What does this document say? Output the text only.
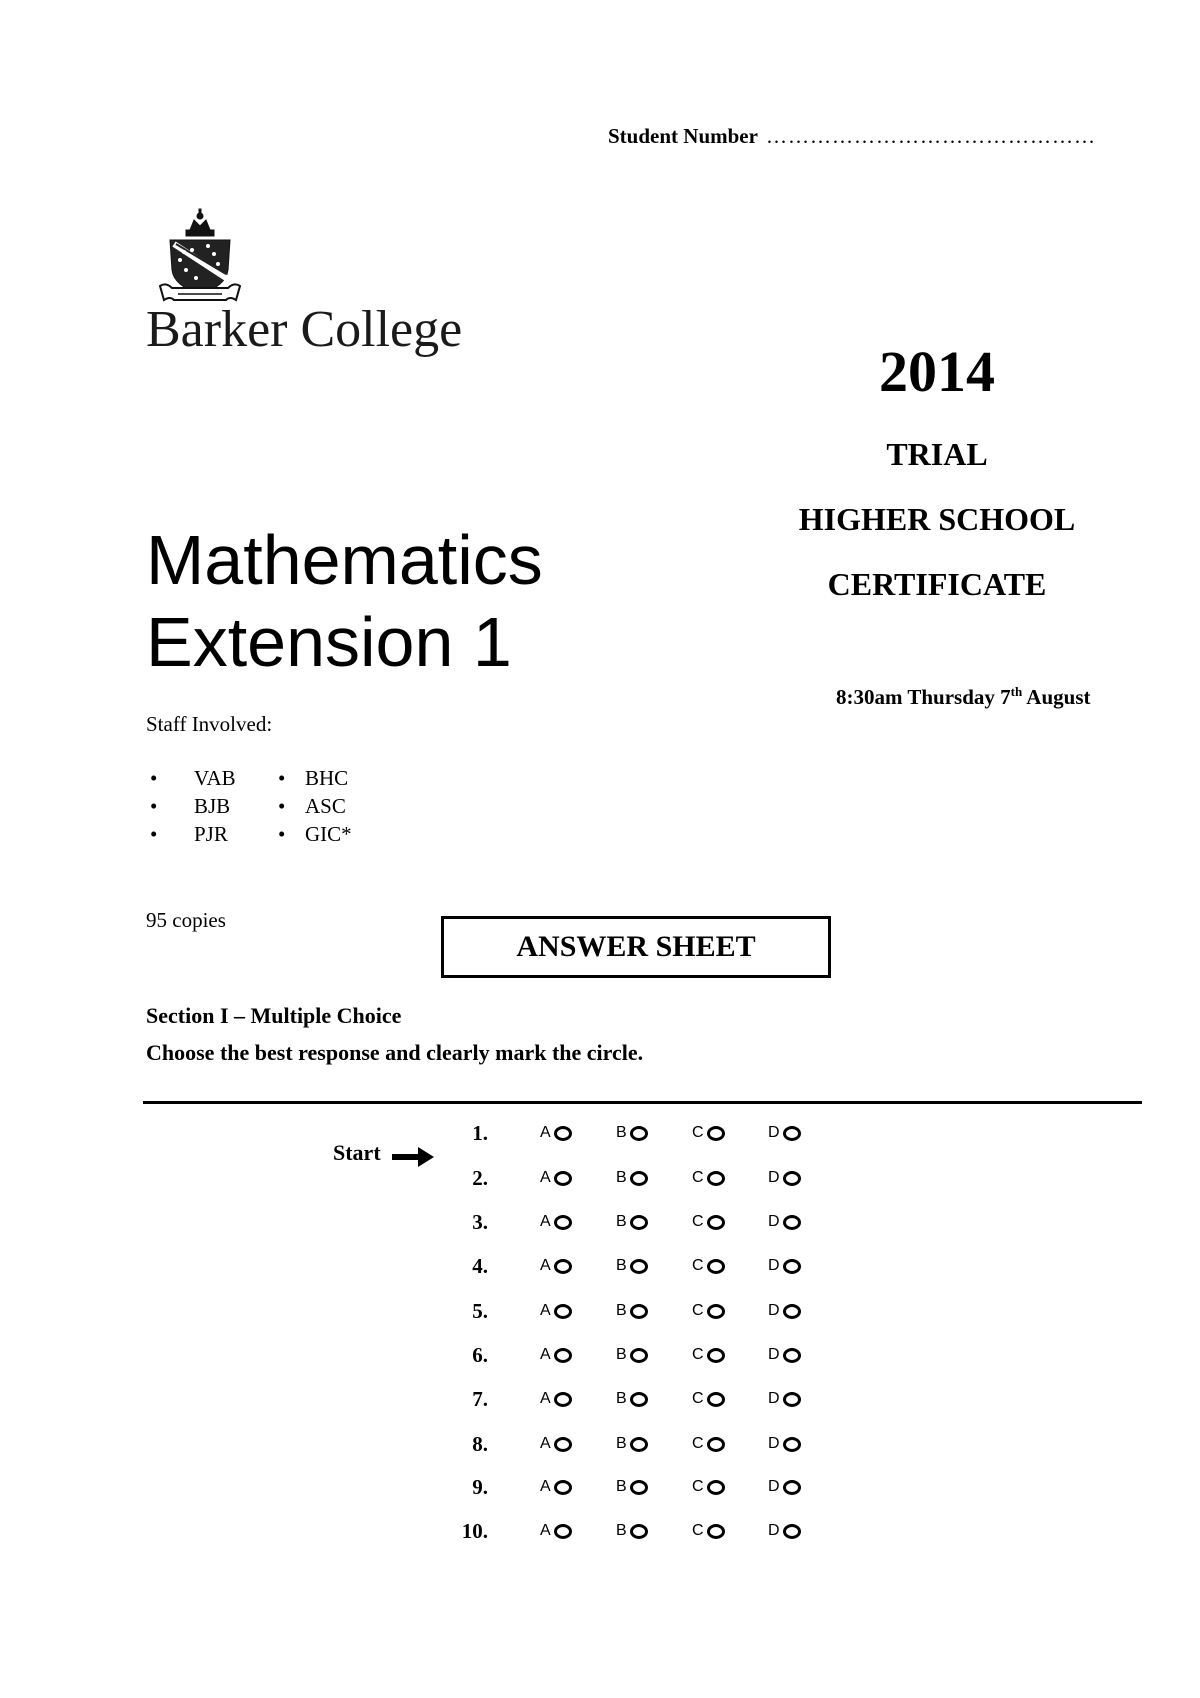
Student Number ………………………………………
Barker College
2014
TRIAL
HIGHER SCHOOL
CERTIFICATE
Mathematics
Extension 1
8:30am Thursday 7th August
Staff Involved:
• VAB
• BJB
• PJR
• BHC
• ASC
• GIC*
95 copies
ANSWER SHEET
Section I – Multiple Choice
Choose the best response and clearly mark the circle.
Start
1.	A	B	C	D
2.	A	B	C	D
3.	A	B	C	D
4.	A	B	C	D
5.	A	B	C	D
6.	A	B	C	D
7.	A	B	C	D
8.	A	B	C	D
9.	A	B	C	D
10.	A	B	C	D
